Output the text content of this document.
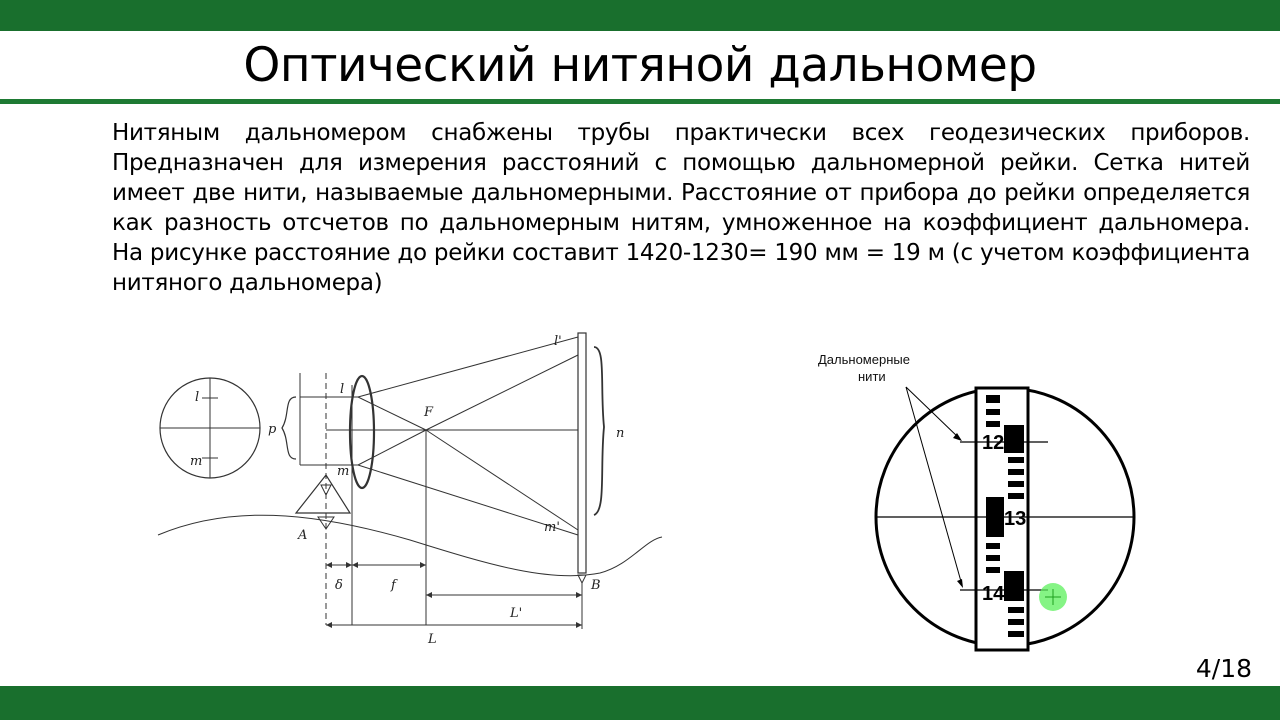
Оптический нитяной дальномер
Нитяным дальномером снабжены трубы практически всех геодезических приборов. Предназначен для измерения расстояний с помощью дальномерной рейки. Сетка нитей имеет две нити, называемые дальномерными. Расстояние от прибора до рейки определяется как разность отсчетов по дальномерным нитям, умноженное на коэффициент дальномера. На рисунке расстояние до рейки составит 1420-1230= 190 мм = 19 м (с учетом коэффициента нитяного дальномера)
l
m
p
l
m
F
l'
m'
n
A
B
δ	f
L'
L
Дальномерные
нити
12
13
14
4/18
